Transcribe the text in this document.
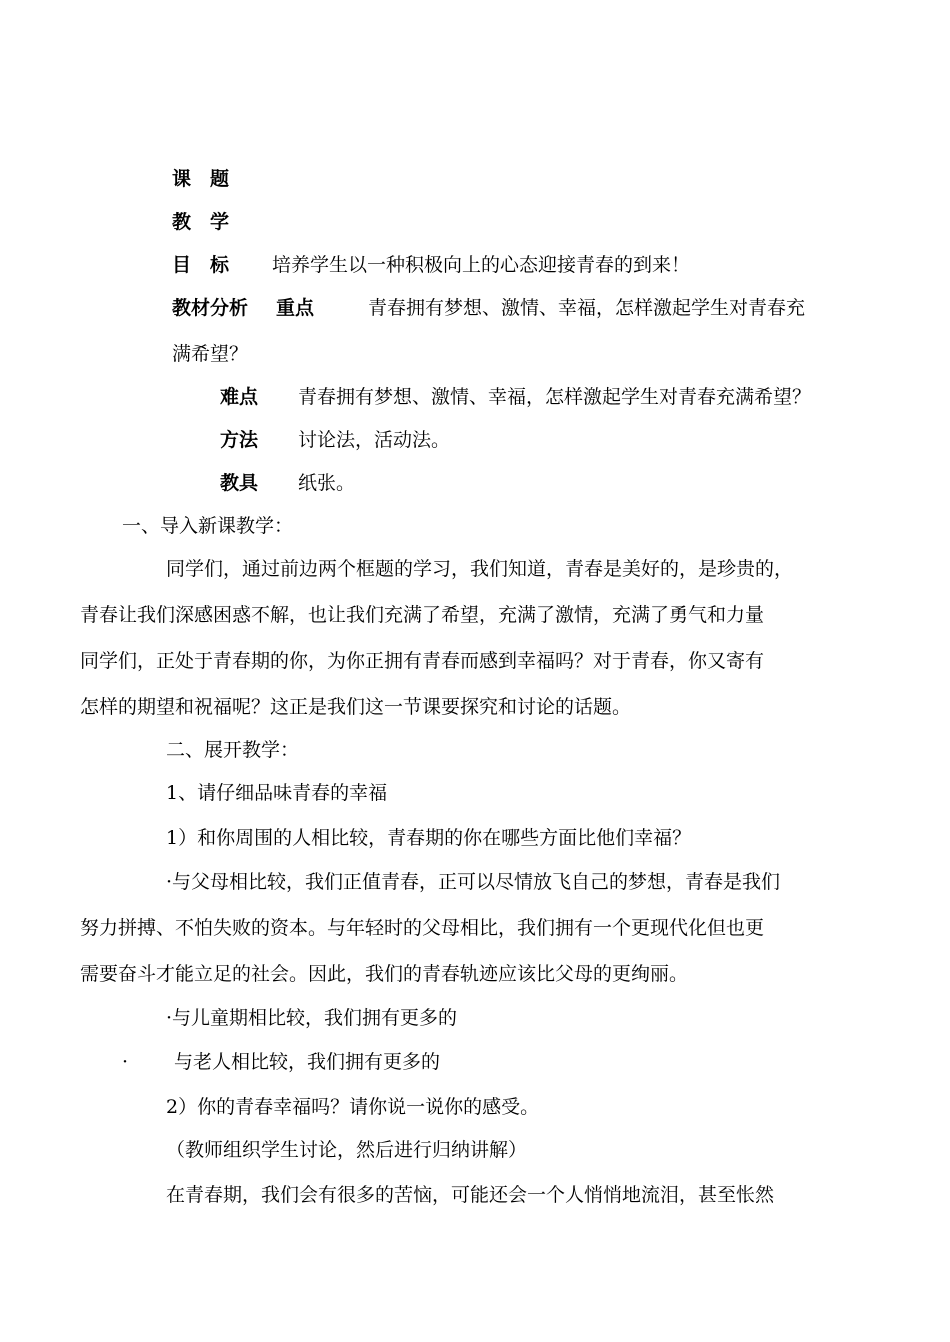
课　题
教　学
目　标 培养学生以一种积极向上的心态迎接青春的到来！
教材分析 重点	青春拥有梦想、激情、幸福，怎样激起学生对青春充
满希望？
难点 青春拥有梦想、激情、幸福，怎样激起学生对青春充满希望？
方法 讨论法，活动法。
教具 纸张。
一、导入新课教学：
同学们，通过前边两个框题的学习，我们知道，青春是美好的，是珍贵的，
青春让我们深感困惑不解，也让我们充满了希望，充满了激情，充满了勇气和力量
同学们，正处于青春期的你，为你正拥有青春而感到幸福吗？对于青春，你又寄有
怎样的期望和祝福呢？这正是我们这一节课要探究和讨论的话题。
二、展开教学：
1、请仔细品味青春的幸福
1）和你周围的人相比较，青春期的你在哪些方面比他们幸福？
·与父母相比较，我们正值青春，正可以尽情放飞自己的梦想，青春是我们
努力拼搏、不怕失败的资本。与年轻时的父母相比，我们拥有一个更现代化但也更
需要奋斗才能立足的社会。因此，我们的青春轨迹应该比父母的更绚丽。
·与儿童期相比较，我们拥有更多的
· 与老人相比较，我们拥有更多的
2）你的青春幸福吗？请你说一说你的感受。
（教师组织学生讨论，然后进行归纳讲解）
在青春期，我们会有很多的苦恼，可能还会一个人悄悄地流泪，甚至怅然
